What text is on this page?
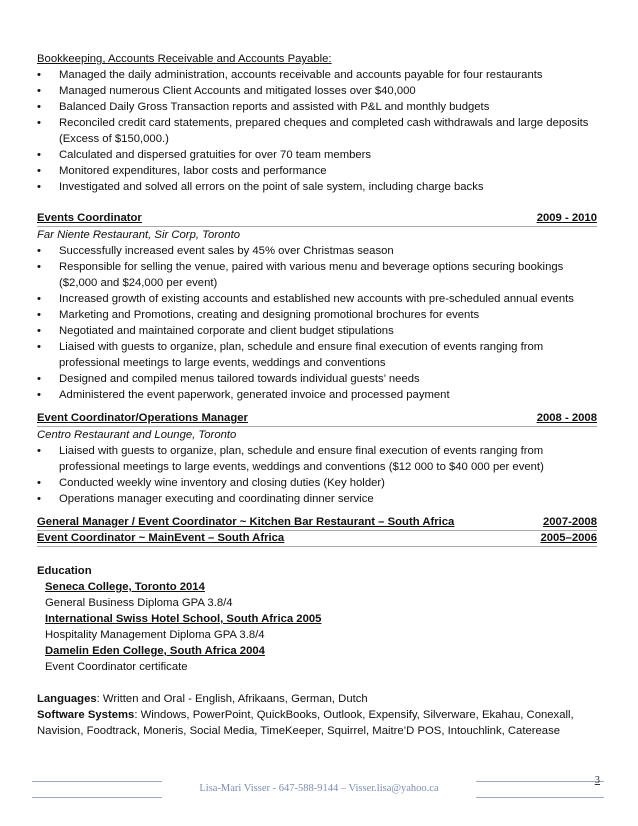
Bookkeeping, Accounts Receivable and Accounts Payable:
• Managed the daily administration, accounts receivable and accounts payable for four restaurants
• Managed numerous Client Accounts and mitigated losses over $40,000
• Balanced Daily Gross Transaction reports and assisted with P&L and monthly budgets
• Reconciled credit card statements, prepared cheques and completed cash withdrawals and large deposits (Excess of $150,000.)
• Calculated and dispersed gratuities for over 70 team members
• Monitored expenditures, labor costs and performance
• Investigated and solved all errors on the point of sale system, including charge backs
Events Coordinator	2009 - 2010
Far Niente Restaurant, Sir Corp, Toronto
• Successfully increased event sales by 45% over Christmas season
• Responsible for selling the venue, paired with various menu and beverage options securing bookings ($2,000 and $24,000 per event)
• Increased growth of existing accounts and established new accounts with pre-scheduled annual events
• Marketing and Promotions, creating and designing promotional brochures for events
• Negotiated and maintained corporate and client budget stipulations
• Liaised with guests to organize, plan, schedule and ensure final execution of events ranging from professional meetings to large events, weddings and conventions
• Designed and compiled menus tailored towards individual guests’ needs
• Administered the event paperwork, generated invoice and processed payment
Event Coordinator/Operations Manager	2008 - 2008
Centro Restaurant and Lounge, Toronto
• Liaised with guests to organize, plan, schedule and ensure final execution of events ranging from professional meetings to large events, weddings and conventions ($12 000 to $40 000 per event)
• Conducted weekly wine inventory and closing duties (Key holder)
• Operations manager executing and coordinating dinner service
General Manager / Event Coordinator ~ Kitchen Bar Restaurant – South Africa	2007-2008
Event Coordinator ~ MainEvent – South Africa	2005–2006
Education
Seneca College, Toronto 2014
General Business Diploma GPA 3.8/4
International Swiss Hotel School, South Africa 2005
Hospitality Management Diploma GPA 3.8/4
Damelin Eden College, South Africa 2004
Event Coordinator certificate
Languages: Written and Oral - English, Afrikaans, German, Dutch
Software Systems: Windows, PowerPoint, QuickBooks, Outlook, Expensify, Silverware, Ekahau, Conexall, Navision, Foodtrack, Moneris, Social Media, TimeKeeper, Squirrel, Maitre’D POS, Intouchlink, Caterease
Lisa-Mari Visser - 647-588-9144 – Visser.lisa@yahoo.ca
3
